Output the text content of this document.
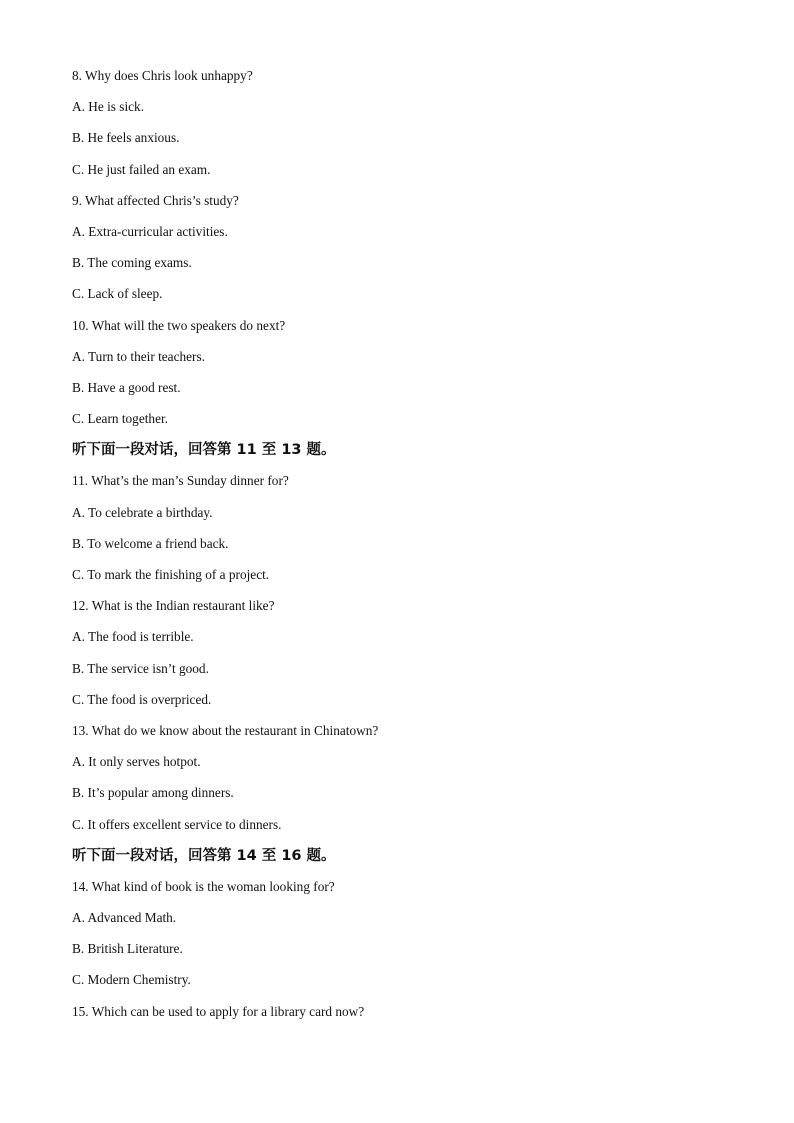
8. Why does Chris look unhappy?
A. He is sick.
B. He feels anxious.
C. He just failed an exam.
9. What affected Chris’s study?
A. Extra-curricular activities.
B. The coming exams.
C. Lack of sleep.
10. What will the two speakers do next?
A. Turn to their teachers.
B. Have a good rest.
C. Learn together.
听下面一段对话，回答第 11 至 13 题。
11. What’s the man’s Sunday dinner for?
A. To celebrate a birthday.
B. To welcome a friend back.
C. To mark the finishing of a project.
12. What is the Indian restaurant like?
A. The food is terrible.
B. The service isn’t good.
C. The food is overpriced.
13. What do we know about the restaurant in Chinatown?
A. It only serves hotpot.
B. It’s popular among dinners.
C. It offers excellent service to dinners.
听下面一段对话，回答第 14 至 16 题。
14. What kind of book is the woman looking for?
A. Advanced Math.
B. British Literature.
C. Modern Chemistry.
15. Which can be used to apply for a library card now?
